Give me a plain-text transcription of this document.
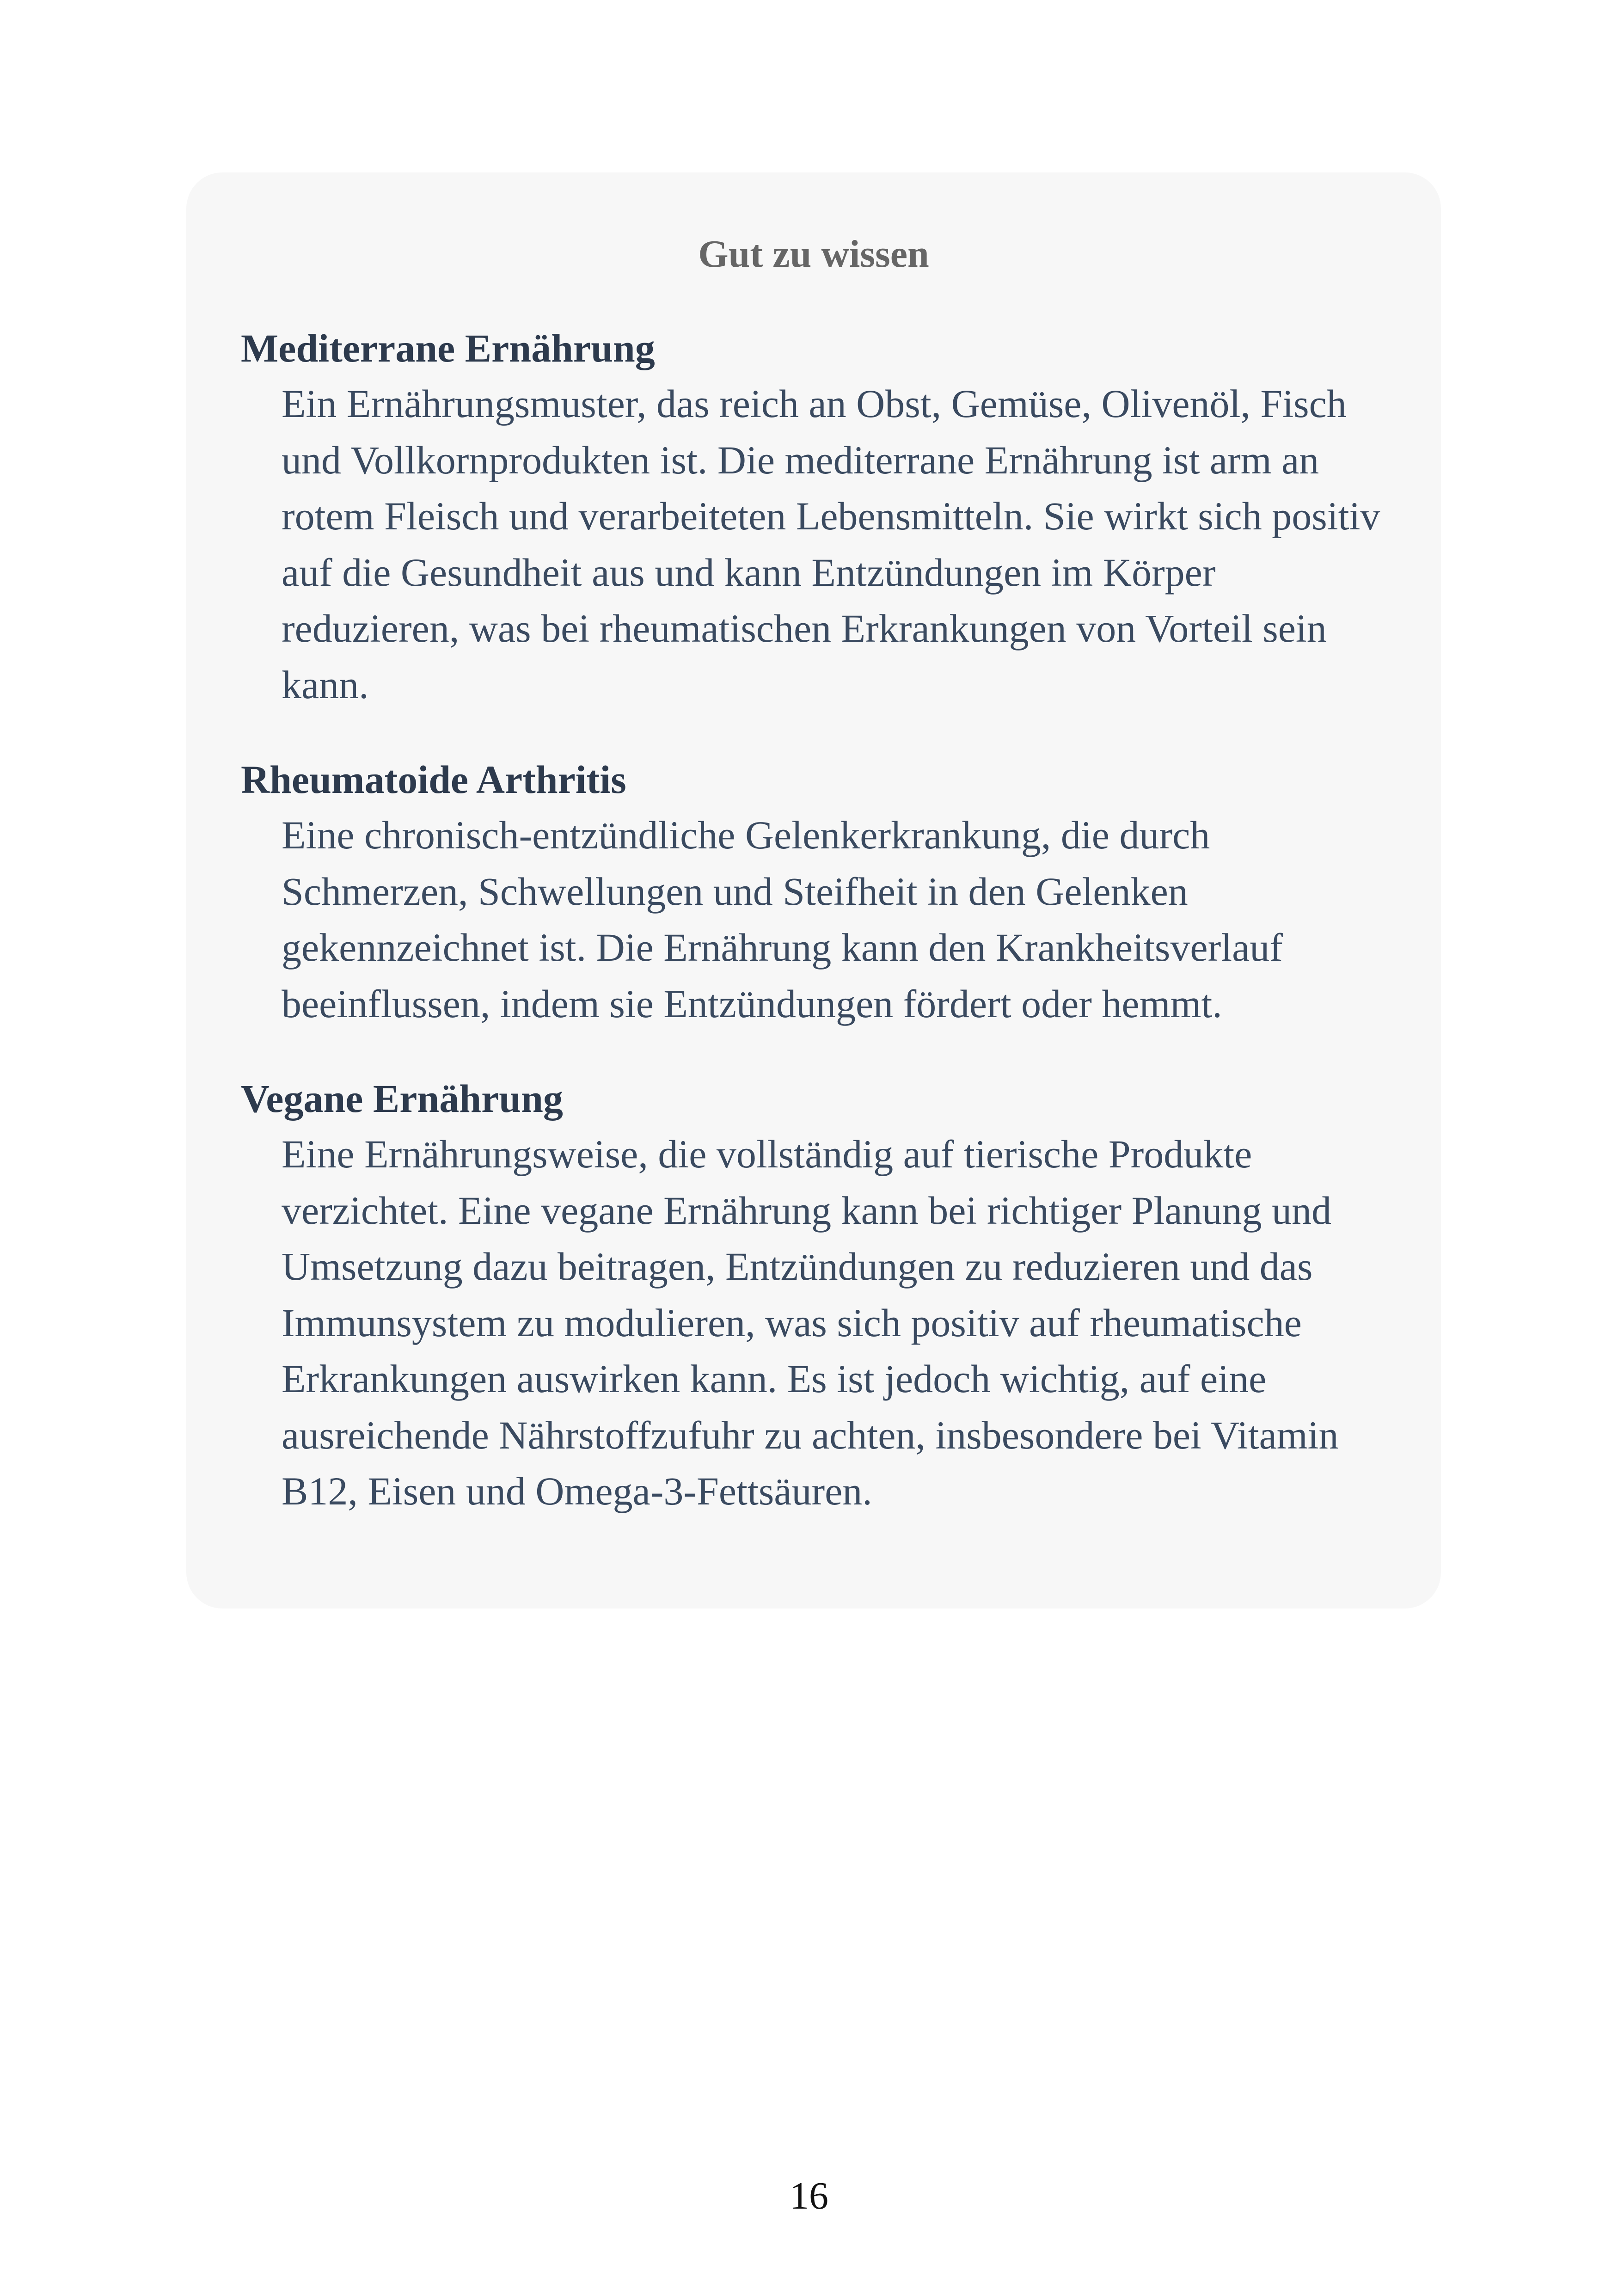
Gut zu wissen
Mediterrane Ernährung
Ein Ernährungsmuster, das reich an Obst, Gemüse, Olivenöl, Fisch und Vollkornprodukten ist. Die mediterrane Ernährung ist arm an rotem Fleisch und verarbeiteten Lebensmitteln. Sie wirkt sich positiv auf die Gesundheit aus und kann Entzündungen im Körper reduzieren, was bei rheumatischen Erkrankungen von Vorteil sein kann.
Rheumatoide Arthritis
Eine chronisch-entzündliche Gelenkerkrankung, die durch Schmerzen, Schwellungen und Steifheit in den Gelenken gekennzeichnet ist. Die Ernährung kann den Krankheitsverlauf beeinflussen, indem sie Entzündungen fördert oder hemmt.
Vegane Ernährung
Eine Ernährungsweise, die vollständig auf tierische Produkte verzichtet. Eine vegane Ernährung kann bei richtiger Planung und Umsetzung dazu beitragen, Entzündungen zu reduzieren und das Immunsystem zu modulieren, was sich positiv auf rheumatische Erkrankungen auswirken kann. Es ist jedoch wichtig, auf eine ausreichende Nährstoffzufuhr zu achten, insbesondere bei Vitamin B12, Eisen und Omega-3-Fettsäuren.
16
